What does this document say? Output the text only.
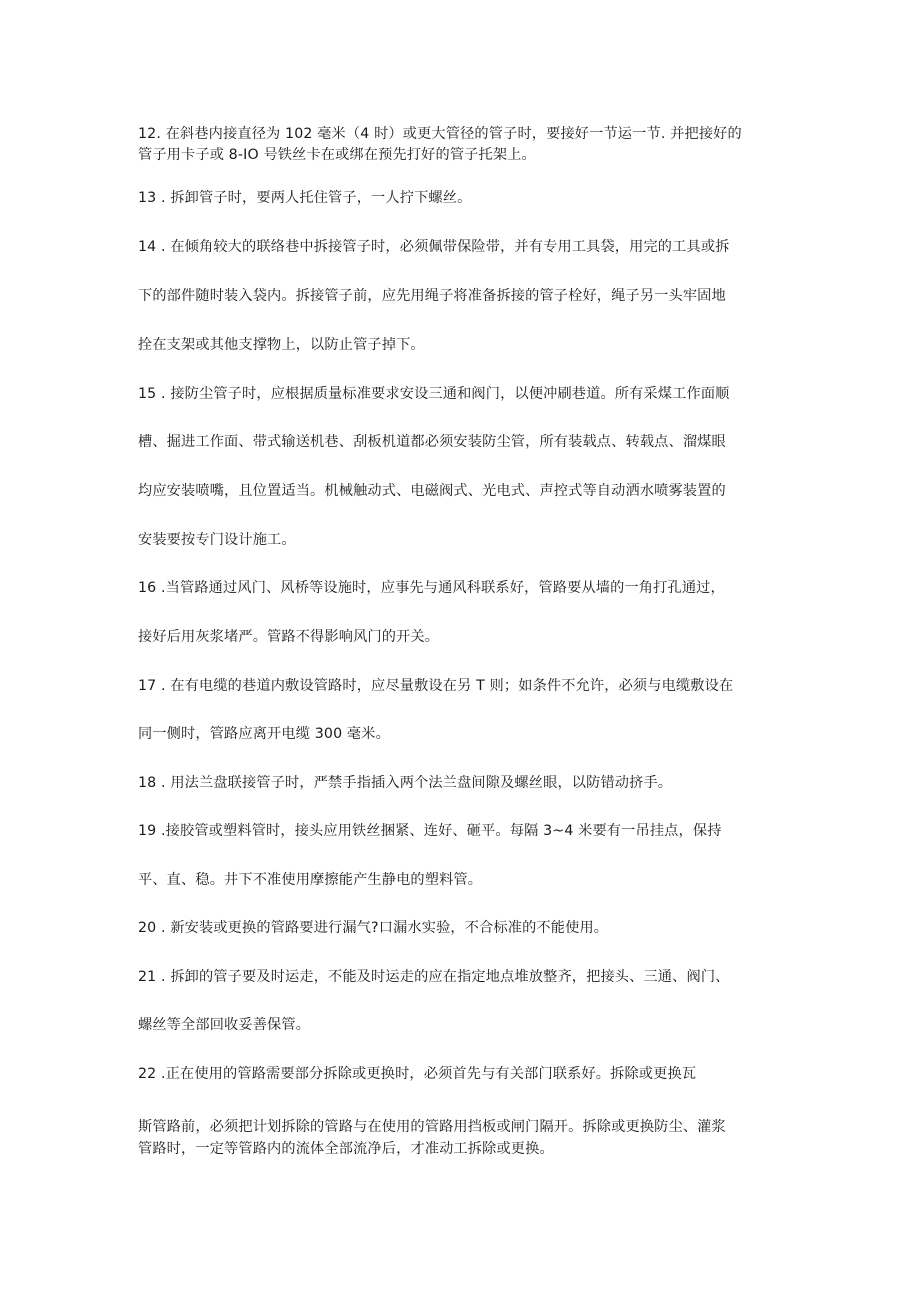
12. 在斜巷内接直径为 102 毫米（4 时）或更大管径的管子时，要接好一节运一节. 并把接好的
管子用卡子或 8-IO 号铁丝卡在或绑在预先打好的管子托架上。
13 . 拆卸管子时，要两人托住管子，一人拧下螺丝。
14 . 在倾角较大的联络巷中拆接管子时，必须佩带保险带，并有专用工具袋，用完的工具或拆
下的部件随时装入袋内。拆接管子前，应先用绳子将准备拆接的管子栓好，绳子另一头牢固地
拴在支架或其他支撑物上，以防止管子掉下。
15 . 接防尘管子时，应根据质量标准要求安设三通和阀门，以便冲刷巷道。所有采煤工作面顺
槽、掘进工作面、带式输送机巷、刮板机道都必须安装防尘管，所有装载点、转载点、溜煤眼
均应安装喷嘴，且位置适当。机械触动式、电磁阀式、光电式、声控式等自动洒水喷雾装置的
安装要按专门设计施工。
16 .当管路通过风门、风桥等设施时，应事先与通风科联系好，管路要从墙的一角打孔通过，
接好后用灰浆堵严。管路不得影响风门的开关。
17 . 在有电缆的巷道内敷设管路时，应尽量敷设在另 T 则；如条件不允许，必须与电缆敷设在
同一侧时，管路应离开电缆 300 毫米。
18 . 用法兰盘联接管子时，严禁手指插入两个法兰盘间隙及螺丝眼，以防错动挤手。
19 .接胶管或塑料管时，接头应用铁丝捆紧、连好、砸平。每隔 3~4 米要有一吊挂点，保持
平、直、稳。井下不准使用摩擦能产生静电的塑料管。
20 . 新安装或更换的管路要进行漏气?口漏水实验，不合标准的不能使用。
21 . 拆卸的管子要及时运走，不能及时运走的应在指定地点堆放整齐，把接头、三通、阀门、
螺丝等全部回收妥善保管。
22 .正在使用的管路需要部分拆除或更换时，必须首先与有关部门联系好。拆除或更换瓦
斯管路前，必须把计划拆除的管路与在使用的管路用挡板或闸门隔开。拆除或更换防尘、灌浆
管路时，一定等管路内的流体全部流净后，才准动工拆除或更换。
